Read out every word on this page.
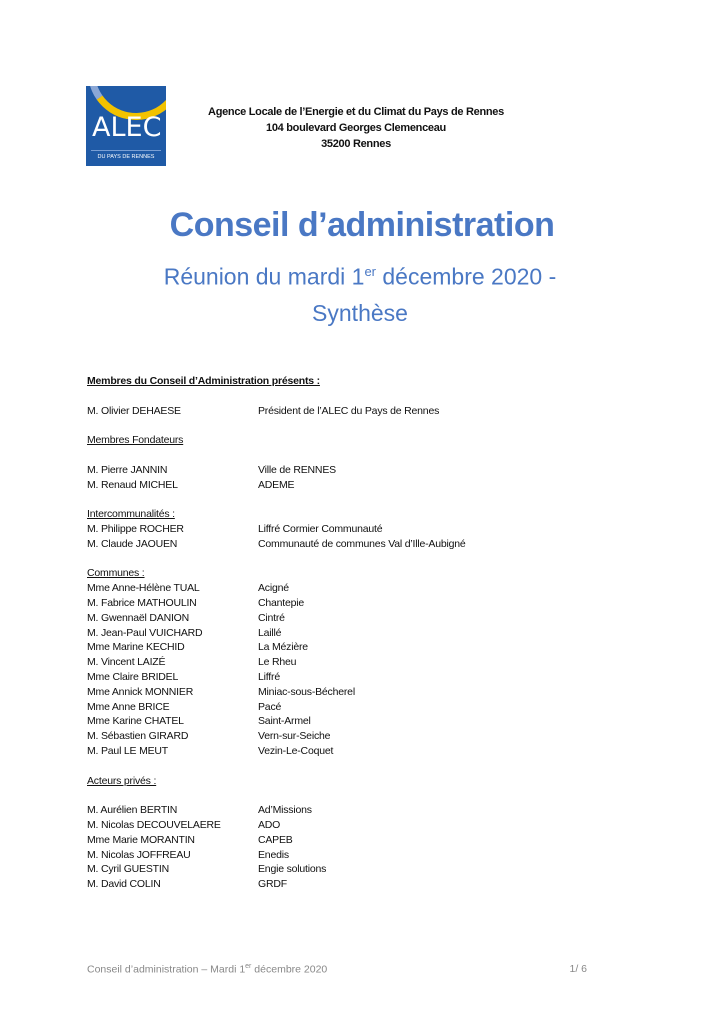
ALEC
DU PAYS DE RENNES
Agence Locale de l’Energie et du Climat du Pays de Rennes
104 boulevard Georges Clemenceau
35200 Rennes
Conseil d’administration
Réunion du mardi 1er décembre 2020 -
Synthèse
Membres du Conseil d’Administration présents :
M. Olivier DEHAESE	Président de l’ALEC du Pays de Rennes
Membres Fondateurs
M. Pierre JANNIN	Ville de RENNES
M. Renaud MICHEL	ADEME
Intercommunalités :
M. Philippe ROCHER	Liffré Cormier Communauté
M. Claude JAOUEN	Communauté de communes Val d’Ille-Aubigné
Communes :
Mme Anne-Hélène TUAL	Acigné
M. Fabrice MATHOULIN	Chantepie
M. Gwennaël DANION	Cintré
M. Jean-Paul VUICHARD	Laillé
Mme Marine KECHID	La Mézière
M. Vincent LAIZÉ	Le Rheu
Mme Claire BRIDEL	Liffré
Mme Annick MONNIER	Miniac-sous-Bécherel
Mme Anne BRICE	Pacé
Mme Karine CHATEL	Saint-Armel
M. Sébastien GIRARD	Vern-sur-Seiche
M. Paul LE MEUT	Vezin-Le-Coquet
Acteurs privés :
M. Aurélien BERTIN	Ad’Missions
M. Nicolas DECOUVELAERE	ADO
Mme Marie MORANTIN	CAPEB
M. Nicolas JOFFREAU	Enedis
M. Cyril GUESTIN	Engie solutions
M. David COLIN	GRDF
Conseil d’administration – Mardi 1er décembre 2020	1/ 6
